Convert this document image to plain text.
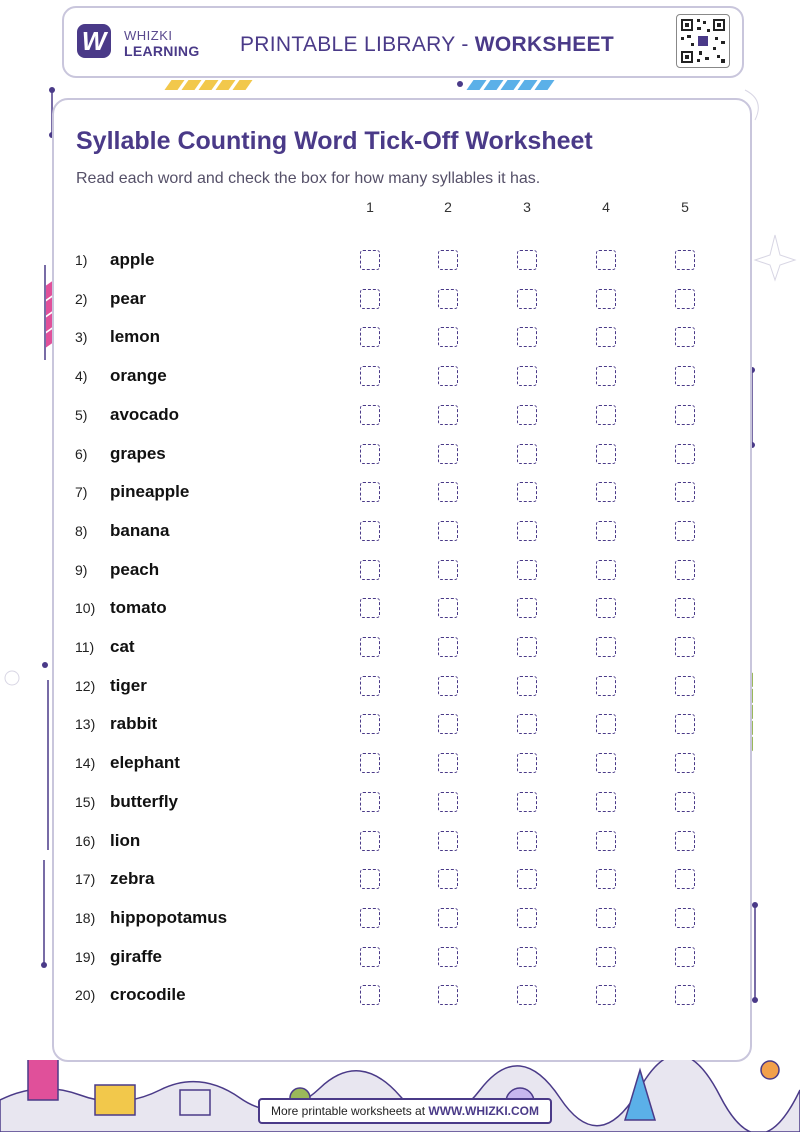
W	WHIZKI
LEARNING PRINTABLE LIBRARY - WORKSHEET
Syllable Counting Word Tick-Off Worksheet

Read each word and check the box for how many syllables it has.

1	2	3	4	5
1) apple
2) pear
3) lemon
4) orange
5) avocado
6) grapes
7) pineapple
8) banana
9) peach
10) tomato
11) cat
12) tiger
13) rabbit
14) elephant
15) butterfly
16) lion
17) zebra
18) hippopotamus
19) giraffe
20) crocodile
More printable worksheets at WWW.WHIZKI.COM
